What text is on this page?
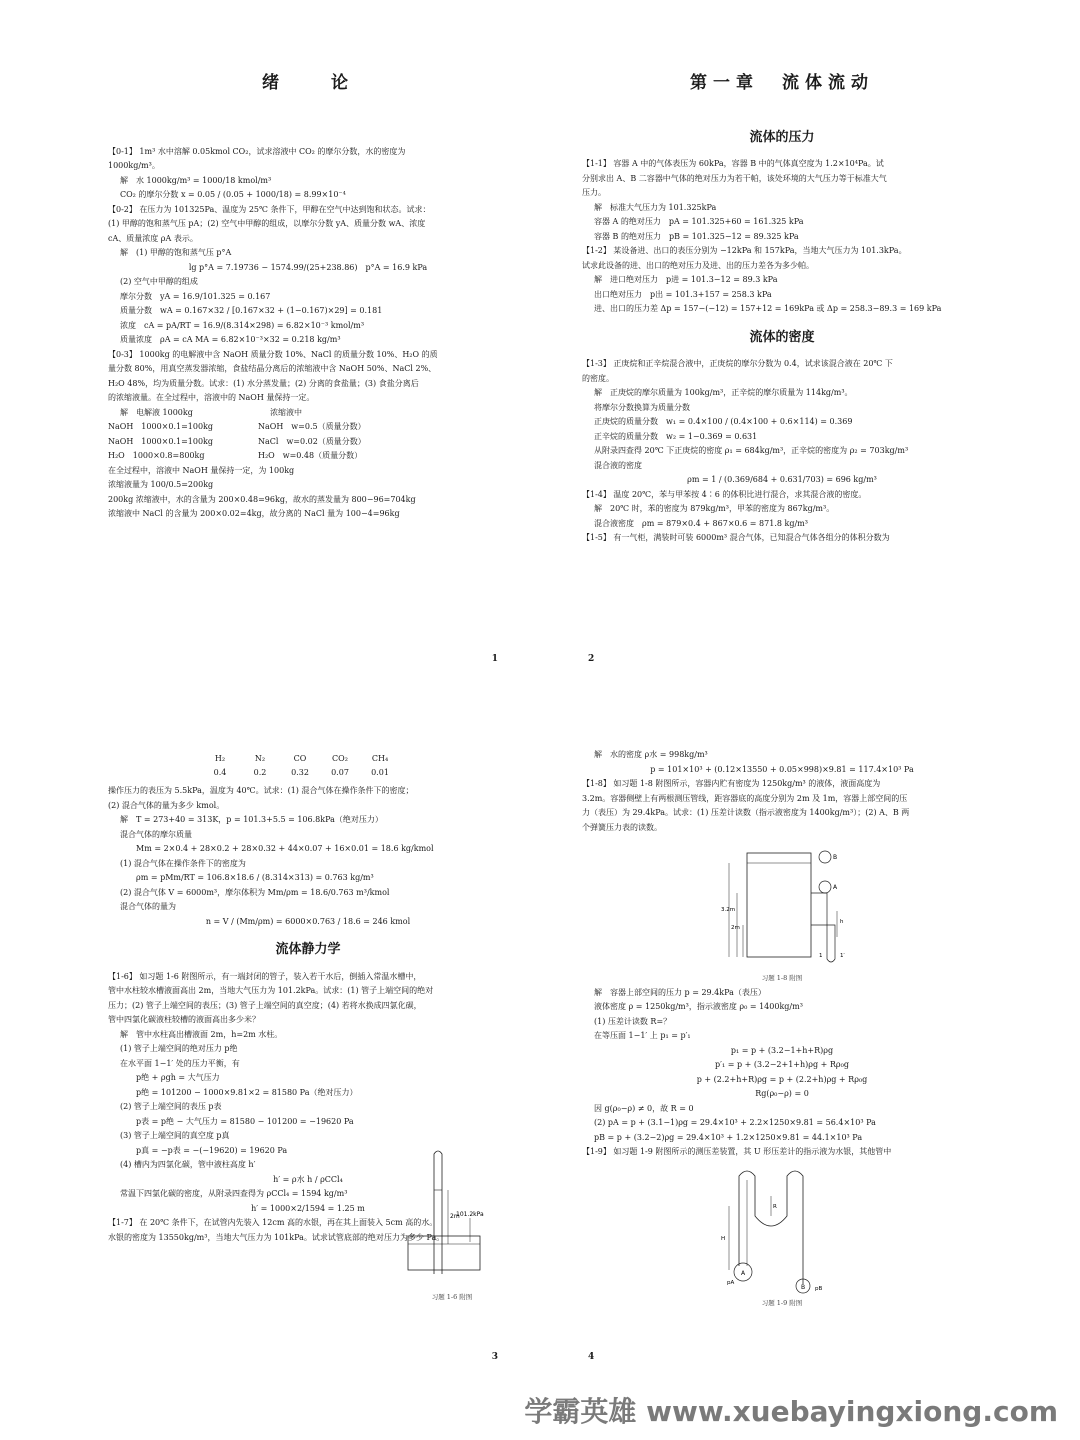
绪　　论

【0-1】 1m³ 水中溶解 0.05kmol CO₂，试求溶液中 CO₂ 的摩尔分数，水的密度为

1000kg/m³。

解　水 1000kg/m³ = 1000/18 kmol/m³

CO₂ 的摩尔分数 x = 0.05 / (0.05 + 1000/18) = 8.99×10⁻⁴

【0-2】 在压力为 101325Pa、温度为 25℃ 条件下，甲醇在空气中达到饱和状态。试求：

(1) 甲醇的饱和蒸气压 pA；(2) 空气中甲醇的组成，以摩尔分数 yA、质量分数 wA、浓度

cA、质量浓度 ρA 表示。

解　(1) 甲醇的饱和蒸气压 p°A

lg p°A = 7.19736 − 1574.99/(25+238.86)　p°A = 16.9 kPa

(2) 空气中甲醇的组成

摩尔分数　yA = 16.9/101.325 = 0.167

质量分数　wA = 0.167×32 / [0.167×32 + (1−0.167)×29] = 0.181

浓度　cA = pA/RT = 16.9/(8.314×298) = 6.82×10⁻³ kmol/m³

质量浓度　ρA = cA MA = 6.82×10⁻³×32 = 0.218 kg/m³

【0-3】 1000kg 的电解液中含 NaOH 质量分数 10%、NaCl 的质量分数 10%、H₂O 的质

量分数 80%，用真空蒸发器浓缩，食盐结晶分离后的浓缩液中含 NaOH 50%、NaCl 2%、

H₂O 48%，均为质量分数。试求：(1) 水分蒸发量；(2) 分离的食盐量；(3) 食盐分离后

的浓缩液量。在全过程中，溶液中的 NaOH 量保持一定。

解　电解液 1000kg	浓缩液中
NaOH　1000×0.1=100kg	NaOH　w=0.5（质量分数）
NaOH　1000×0.1=100kg	NaCl　w=0.02（质量分数）
H₂O　1000×0.8=800kg	H₂O　w=0.48（质量分数）

在全过程中，溶液中 NaOH 量保持一定，为 100kg

浓缩液量为 100/0.5=200kg

200kg 浓缩液中，水的含量为 200×0.48=96kg，故水的蒸发量为 800−96=704kg

浓缩液中 NaCl 的含量为 200×0.02=4kg，故分离的 NaCl 量为 100−4=96kg

1
第一章　流体流动
流体的压力

【1-1】 容器 A 中的气体表压为 60kPa，容器 B 中的气体真空度为 1.2×10⁴Pa。试

分别求出 A、B 二容器中气体的绝对压力为若干帕，该处环境的大气压力等于标准大气

压力。

解　标准大气压力为 101.325kPa

容器 A 的绝对压力　pA = 101.325+60 = 161.325 kPa

容器 B 的绝对压力　pB = 101.325−12 = 89.325 kPa

【1-2】 某设备进、出口的表压分别为 −12kPa 和 157kPa，当地大气压力为 101.3kPa。

试求此设备的进、出口的绝对压力及进、出的压力差各为多少帕。

解　进口绝对压力　p进 = 101.3−12 = 89.3 kPa

出口绝对压力　p出 = 101.3+157 = 258.3 kPa

进、出口的压力差 Δp = 157−(−12) = 157+12 = 169kPa 或 Δp = 258.3−89.3 = 169 kPa

流体的密度

【1-3】 正庚烷和正辛烷混合液中，正庚烷的摩尔分数为 0.4，试求该混合液在 20℃ 下

的密度。

解　正庚烷的摩尔质量为 100kg/m³，正辛烷的摩尔质量为 114kg/m³。

将摩尔分数换算为质量分数

正庚烷的质量分数　w₁ = 0.4×100 / (0.4×100 + 0.6×114) = 0.369

正辛烷的质量分数　w₂ = 1−0.369 = 0.631

从附录四查得 20℃ 下正庚烷的密度 ρ₁ = 684kg/m³，正辛烷的密度为 ρ₂ = 703kg/m³

混合液的密度

ρm = 1 / (0.369/684 + 0.631/703) = 696 kg/m³

【1-4】 温度 20℃，苯与甲苯按 4∶6 的体积比进行混合，求其混合液的密度。

解　20℃ 时，苯的密度为 879kg/m³，甲苯的密度为 867kg/m³。

混合液密度　ρm = 879×0.4 + 867×0.6 = 871.8 kg/m³

【1-5】 有一气柜，满装时可装 6000m³ 混合气体，已知混合气体各组分的体积分数为

2
H₂	N₂	CO	CO₂	CH₄
0.4	0.2	0.32	0.07	0.01

操作压力的表压为 5.5kPa，温度为 40℃。试求：(1) 混合气体在操作条件下的密度；

(2) 混合气体的量为多少 kmol。

解　T = 273+40 = 313K，p = 101.3+5.5 = 106.8kPa（绝对压力）

混合气体的摩尔质量

Mm = 2×0.4 + 28×0.2 + 28×0.32 + 44×0.07 + 16×0.01 = 18.6 kg/kmol

(1) 混合气体在操作条件下的密度为

ρm = pMm/RT = 106.8×18.6 / (8.314×313) = 0.763 kg/m³

(2) 混合气体 V = 6000m³，摩尔体积为 Mm/ρm = 18.6/0.763 m³/kmol

混合气体的量为

n = V / (Mm/ρm) = 6000×0.763 / 18.6 = 246 kmol

流体静力学

【1-6】 如习题 1-6 附图所示，有一端封闭的管子，装入若干水后，倒插入常温水槽中，

管中水柱较水槽液面高出 2m，当地大气压力为 101.2kPa。试求：(1) 管子上端空间的绝对

压力；(2) 管子上端空间的表压；(3) 管子上端空间的真空度；(4) 若将水换成四氯化碳，

管中四氯化碳液柱较槽的液面高出多少米？

解　管中水柱高出槽液面 2m，h=2m 水柱。

(1) 管子上端空间的绝对压力 p绝

在水平面 1−1′ 处的压力平衡，有

p绝 + ρgh = 大气压力

p绝 = 101200 − 1000×9.81×2 = 81580 Pa（绝对压力）

(2) 管子上端空间的表压 p表

p表 = p绝 − 大气压力 = 81580 − 101200 = −19620 Pa

(3) 管子上端空间的真空度 p真

p真 = −p表 = −(−19620) = 19620 Pa

(4) 槽内为四氯化碳，管中液柱高度 h′

h′ = ρ水 h / ρCCl₄

常温下四氯化碳的密度，从附录四查得为 ρCCl₄ = 1594 kg/m³

h′ = 1000×2/1594 = 1.25 m

【1-7】 在 20℃ 条件下，在试管内先装入 12cm 高的水银，再在其上面装入 5cm 高的水。

水银的密度为 13550kg/m³，当地大气压力为 101kPa。试求试管底部的绝对压力为多少 Pa。

2m
101.2kPa
习题 1-6 附图
3

解　水的密度 ρ水 = 998kg/m³

p = 101×10³ + (0.12×13550 + 0.05×998)×9.81 = 117.4×10³ Pa

【1-8】 如习题 1-8 附图所示，容器内贮有密度为 1250kg/m³ 的液体，液面高度为

3.2m。容器侧壁上有两根测压管线，距容器底的高度分别为 2m 及 1m，容器上部空间的压

力（表压）为 29.4kPa。试求：(1) 压差计读数（指示液密度为 1400kg/m³）；(2) A、B 两

个弹簧压力表的读数。

3.2m
2m
B
A
h
1′
1
习题 1-8 附图

解　容器上部空间的压力 p = 29.4kPa（表压）

液体密度 ρ = 1250kg/m³，指示液密度 ρ₀ = 1400kg/m³

(1) 压差计读数 R=？

在等压面 1−1′ 上 p₁ = p′₁

p₁ = p + (3.2−1+h+R)ρg

p′₁ = p + (3.2−2+1+h)ρg + Rρ₀g

p + (2.2+h+R)ρg = p + (2.2+h)ρg + Rρ₀g

Rg(ρ₀−ρ) = 0

因 g(ρ₀−ρ) ≠ 0，故 R = 0

(2) pA = p + (3.1−1)ρg = 29.4×10³ + 2.2×1250×9.81 = 56.4×10³ Pa

pB = p + (3.2−2)ρg = 29.4×10³ + 1.2×1250×9.81 = 44.1×10³ Pa

【1-9】 如习题 1-9 附图所示的测压差装置，其 U 形压差计的指示液为水银，其他管中

A
B
H
R
pB
pA
习题 1-9 附图
4
学霸英雄 www.xuebayingxiong.com
